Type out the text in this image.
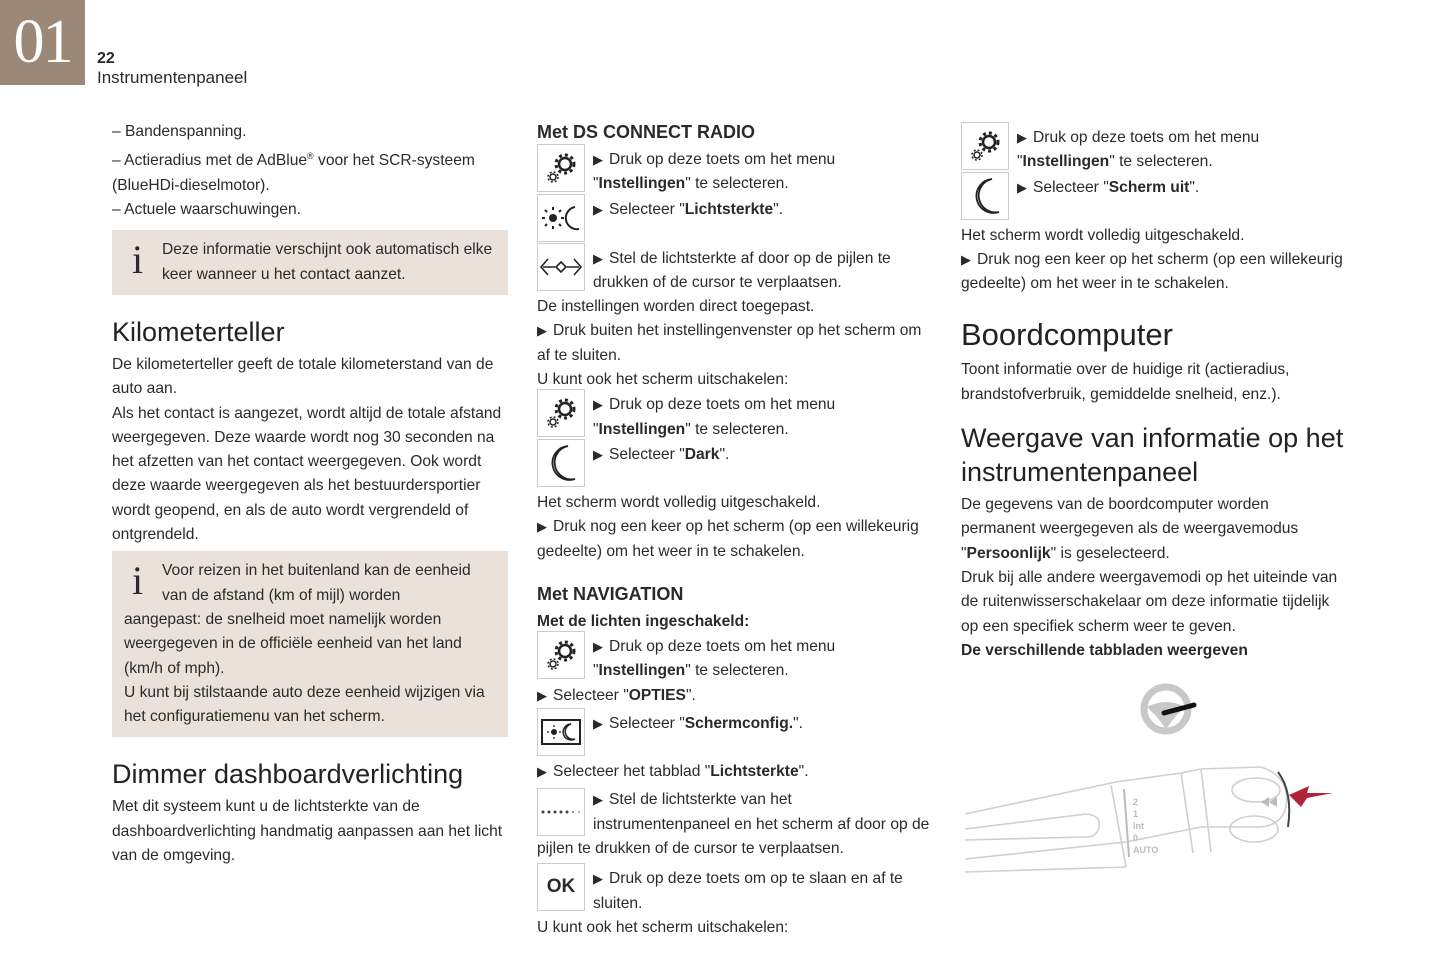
01	22
Instrumentenpaneel

– Bandenspanning.

– Actieradius met de AdBlue® voor het SCR-systeem (BlueHDi-dieselmotor).

– Actuele waarschuwingen.

i	Deze informatie verschijnt ook automatisch elke keer wanneer u het contact aanzet.

Kilometerteller

De kilometerteller geeft de totale kilometerstand van de auto aan.

Als het contact is aangezet, wordt altijd de totale afstand weergegeven. Deze waarde wordt nog 30 seconden na het afzetten van het contact weergegeven. Ook wordt deze waarde weergegeven als het bestuurdersportier wordt geopend, en als de auto wordt vergrendeld of ontgrendeld.

i	Voor reizen in het buitenland kan de eenheid van de afstand (km of mijl) worden

aangepast: de snelheid moet namelijk worden weergegeven in de officiële eenheid van het land (km/h of mph).

U kunt bij stilstaande auto deze eenheid wijzigen via het configuratiemenu van het scherm.

Dimmer dashboardverlichting

Met dit systeem kunt u de lichtsterkte van de dashboardverlichting handmatig aanpassen aan het licht van de omgeving.

Met DS CONNECT RADIO

▶ Druk op deze toets om het menu

"Instellingen" te selecteren.

▶ Selecteer "Lichtsterkte".

▶ Stel de lichtsterkte af door op de pijlen te drukken of de cursor te verplaatsen.

De instellingen worden direct toegepast.

▶ Druk buiten het instellingenvenster op het scherm om af te sluiten.

U kunt ook het scherm uitschakelen:

▶ Druk op deze toets om het menu

"Instellingen" te selecteren.

▶ Selecteer "Dark".

Het scherm wordt volledig uitgeschakeld.

▶ Druk nog een keer op het scherm (op een willekeurig gedeelte) om het weer in te schakelen.

Met NAVIGATION

Met de lichten ingeschakeld:

▶ Druk op deze toets om het menu

"Instellingen" te selecteren.

▶ Selecteer "OPTIES".

▶ Selecteer "Schermconfig.".

▶ Selecteer het tabblad "Lichtsterkte".

▶ Stel de lichtsterkte van het instrumentenpaneel en het scherm af door op de pijlen te drukken of de cursor te verplaatsen.

OK ▶ Druk op deze toets om op te slaan en af te sluiten.

U kunt ook het scherm uitschakelen:

▶ Druk op deze toets om het menu

"Instellingen" te selecteren.

▶ Selecteer "Scherm uit".

Het scherm wordt volledig uitgeschakeld.

▶ Druk nog een keer op het scherm (op een willekeurig gedeelte) om het weer in te schakelen.

Boordcomputer

Toont informatie over de huidige rit (actieradius, brandstofverbruik, gemiddelde snelheid, enz.).

Weergave van informatie op het instrumentenpaneel

De gegevens van de boordcomputer worden permanent weergegeven als de weergavemodus "Persoonlijk" is geselecteerd.

Druk bij alle andere weergavemodi op het uiteinde van de ruitenwisserschakelaar om deze informatie tijdelijk op een specifiek scherm weer te geven.

De verschillende tabbladen weergeven

2
1
Int
0
AUTO
